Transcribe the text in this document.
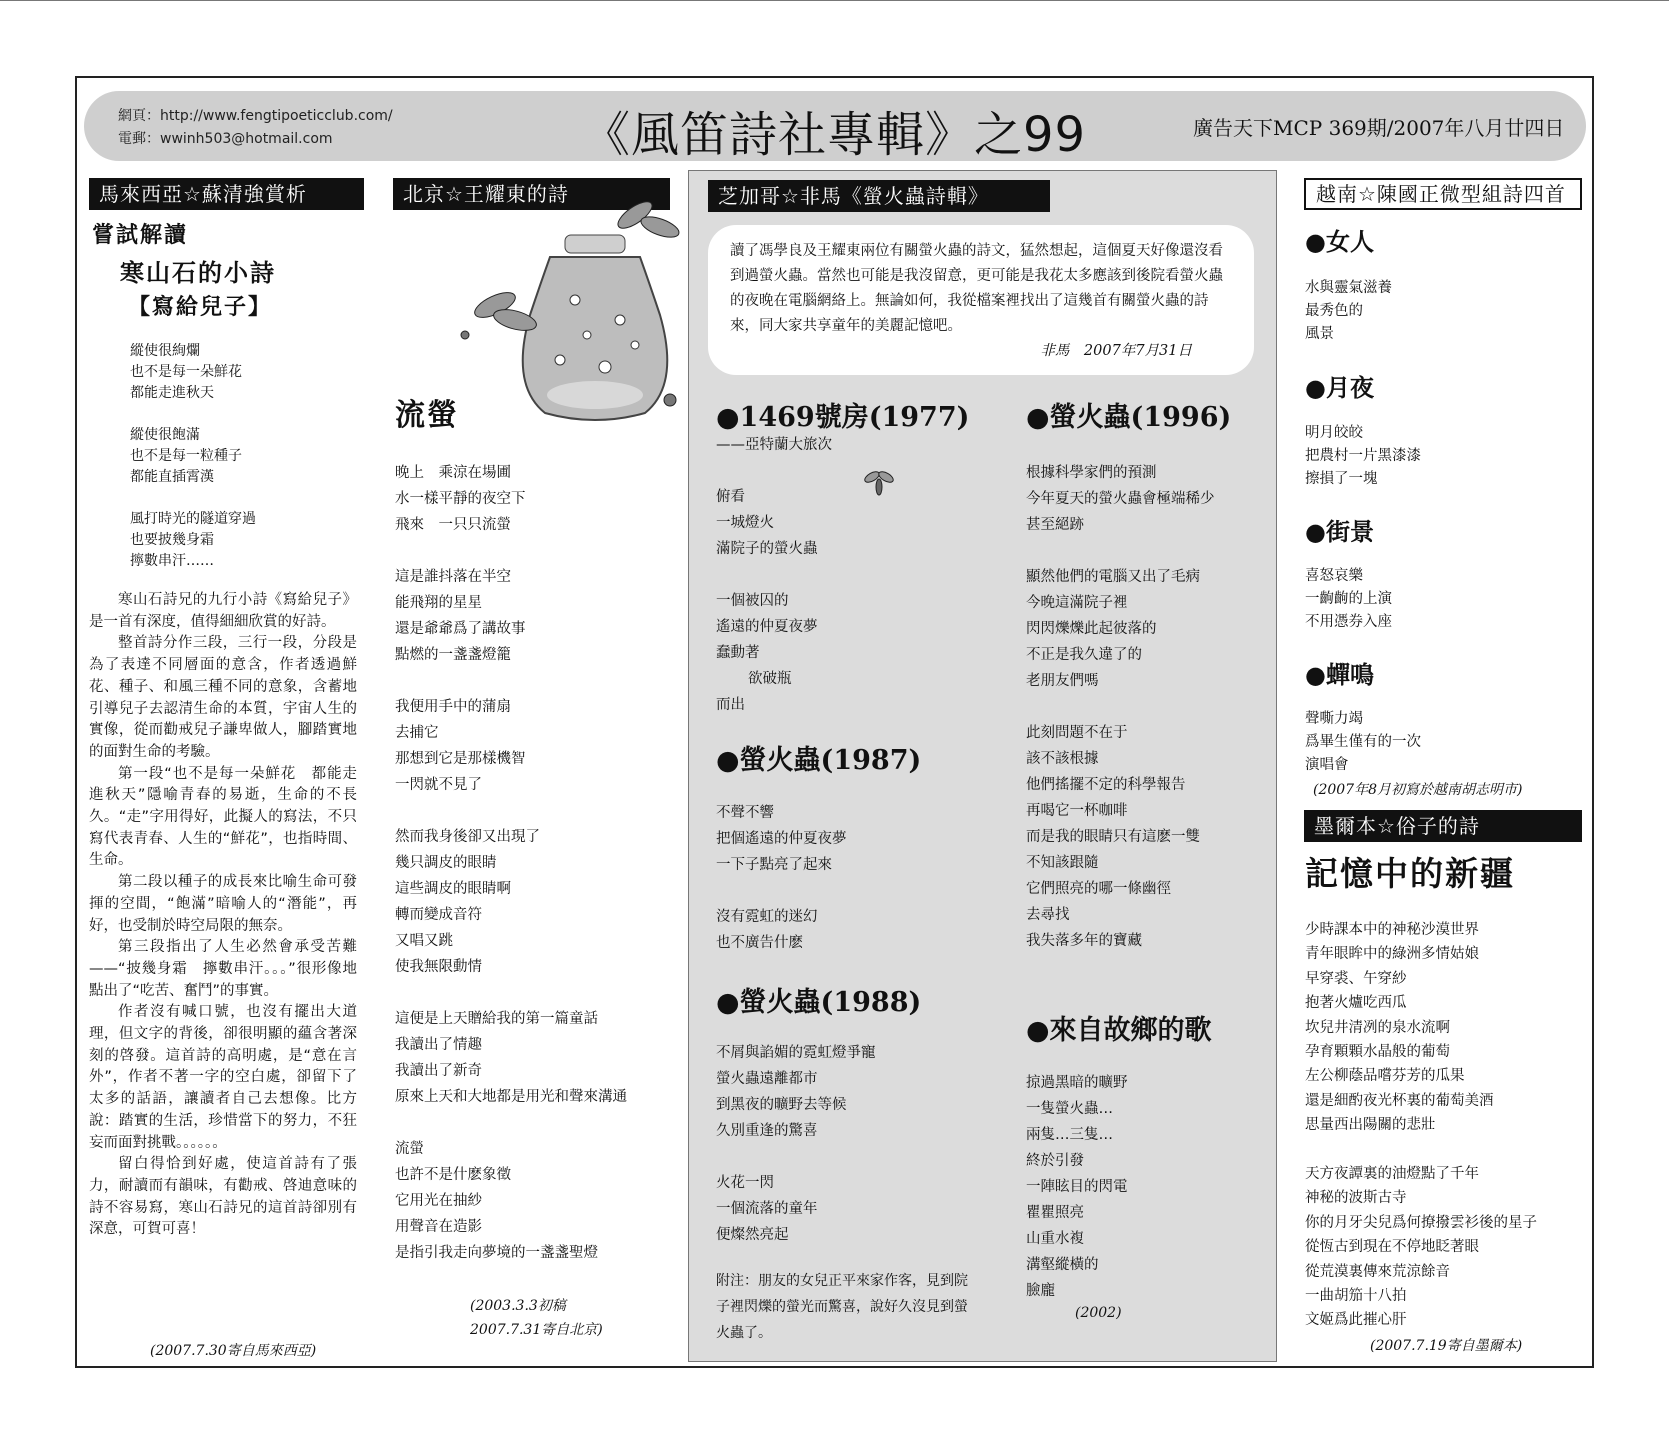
網頁：http://www.fengtipoeticclub.com/
電郵：wwinh503@hotmail.com	《風笛詩社專輯》之99	廣告天下MCP 369期/2007年八月廿四日
馬來西亞☆蘇清強賞析
嘗試解讀
寒山石的小詩
【寫給兒子】
縱使很絢爛
也不是每一朵鮮花
都能走進秋天
縱使很飽滿
也不是每一粒種子
都能直插霄漢
風打時光的隧道穿過
也要披幾身霜
擰數串汗……

寒山石詩兄的九行小詩《寫給兒子》是一首有深度，值得細細欣賞的好詩。

整首詩分作三段，三行一段，分段是為了表達不同層面的意含，作者透過鮮花、種子、和風三種不同的意象，含蓄地引導兒子去認清生命的本質，宇宙人生的實像，從而勸戒兒子謙卑做人，腳踏實地的面對生命的考驗。

第一段“也不是每一朵鮮花　都能走進秋天”隱喻青春的易逝，生命的不長久。“走”字用得好，此擬人的寫法，不只寫代表青春、人生的“鮮花”，也指時間、生命。

第二段以種子的成長來比喻生命可發揮的空間，“飽滿”暗喻人的“潛能”，再好，也受制於時空局限的無奈。

第三段指出了人生必然會承受苦難——“披幾身霜　擰數串汗。。。”很形像地點出了“吃苦、奮鬥”的事實。

作者沒有喊口號，也沒有擺出大道理，但文字的背後，卻很明顯的蘊含著深刻的啓發。這首詩的高明處，是“意在言外”，作者不著一字的空白處，卻留下了太多的話語，讓讀者自己去想像。比方說：踏實的生活，珍惜當下的努力，不狂妄而面對挑戰。。。。。。

留白得恰到好處，使這首詩有了張力，耐讀而有韻味，有勸戒、啓迪意味的詩不容易寫，寒山石詩兄的這首詩卻別有深意，可賀可喜！

(2007.7.30寄自馬來西亞)
北京☆王耀東的詩
流螢
晚上　乘涼在場圃
水一樣平靜的夜空下
飛來　一只只流螢
這是誰抖落在半空
能飛翔的星星
還是爺爺爲了講故事
點燃的一盞盞燈籠
我便用手中的蒲扇
去捕它
那想到它是那樣機智
一閃就不見了
然而我身後卻又出現了
幾只調皮的眼睛
這些調皮的眼睛啊
轉而變成音符
又唱又跳
使我無限動情
這便是上天贈給我的第一篇童話
我讀出了情趣
我讀出了新奇
原來上天和大地都是用光和聲來溝通
流螢
也許不是什麽象徵
它用光在抽紗
用聲音在造影
是指引我走向夢境的一盞盞聖燈
(2003.3.3初稿
2007.7.31寄自北京)
芝加哥☆非馬《螢火蟲詩輯》

讀了馮學良及王耀東兩位有關螢火蟲的詩文，猛然想起，這個夏天好像還沒看到過螢火蟲。當然也可能是我沒留意，更可能是我花太多應該到後院看螢火蟲的夜晚在電腦網絡上。無論如何，我從檔案裡找出了這幾首有關螢火蟲的詩來，同大家共享童年的美麗記憶吧。

非馬　2007年7月31日

●1469號房(1977)
——亞特蘭大旅次
俯看
一城燈火
滿院子的螢火蟲
一個被囚的
遙遠的仲夏夜夢
蠢動著
欲破瓶
而出
●螢火蟲(1987)
不聲不響
把個遙遠的仲夏夜夢
一下子點亮了起來
沒有霓虹的迷幻
也不廣告什麽
●螢火蟲(1988)
不屑與諂媚的霓虹燈爭寵
螢火蟲遠離都市
到黑夜的曠野去等候
久別重逢的驚喜
火花一閃
一個流落的童年
便燦然亮起
附注：朋友的女兒正平來家作客，見到院子裡閃爍的螢光而驚喜，說好久沒見到螢火蟲了。
●螢火蟲(1996)
根據科學家們的預測
今年夏天的螢火蟲會極端稀少
甚至絕跡
顯然他們的電腦又出了毛病
今晚這滿院子裡
閃閃爍爍此起彼落的
不正是我久違了的
老朋友們嗎
此刻問題不在于
該不該根據
他們搖擺不定的科學報告
再喝它一杯咖啡
而是我的眼睛只有這麽一雙
不知該跟隨
它們照亮的哪一條幽徑
去尋找
我失落多年的寶藏
●來自故鄉的歌
掠過黑暗的曠野
一隻螢火蟲…
兩隻…三隻…
終於引發
一陣眩目的閃電
瞿瞿照亮
山重水複
溝壑縱橫的
臉龐
(2002)
越南☆陳國正微型組詩四首
●女人
水與靈氣滋養
最秀色的
風景
●月夜
明月皎皎
把農村一片黑漆漆
擦損了一塊
●街景
喜怒哀樂
一齣齣的上演
不用憑券入座
●蟬鳴
聲嘶力竭
爲畢生僅有的一次
演唱會
(2007年8月初寫於越南胡志明市)
墨爾本☆俗子的詩
記憶中的新疆
少時課本中的神秘沙漠世界
青年眼眸中的綠洲多情姑娘
早穿裘、午穿紗
抱著火爐吃西瓜
坎兒井清冽的泉水流啊
孕育顆顆水晶般的葡萄
左公柳蔭品嚐芬芳的瓜果
還是細酌夜光杯裏的葡萄美酒
思量西出陽關的悲壯
天方夜譚裏的油燈點了千年
神秘的波斯古寺
你的月牙尖兒爲何撩撥雲衫後的星子
從恆古到現在不停地眨著眼
從荒漠裏傳來荒涼餘音
一曲胡笳十八拍
文姬爲此摧心肝
(2007.7.19寄自墨爾本)
